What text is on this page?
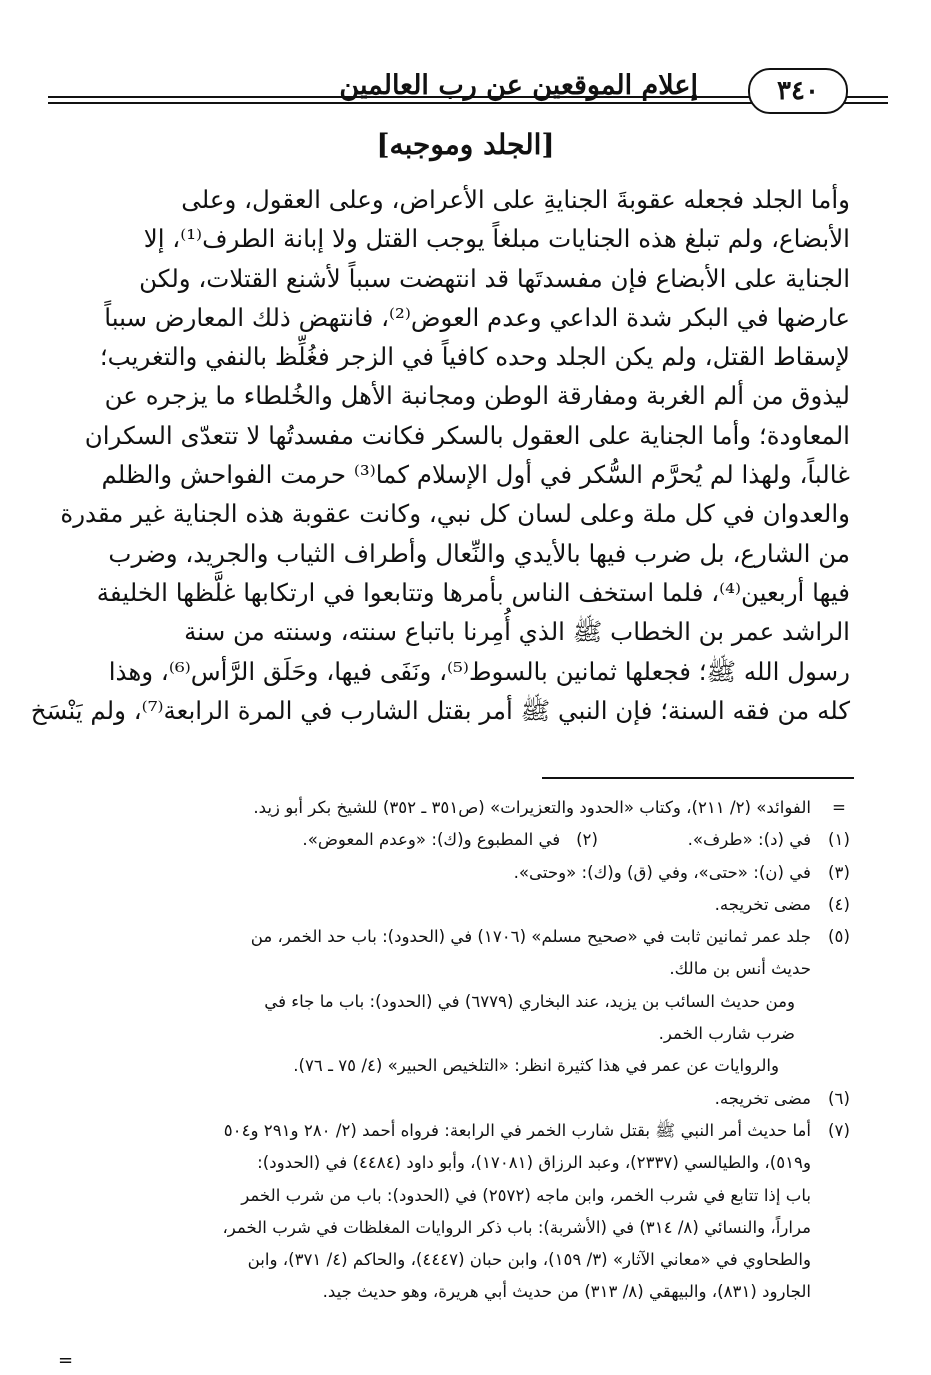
إعلام الموقعين عن رب العالمين	٣٤٠
[الجلد وموجبه]
وأما الجلد فجعله عقوبةَ الجنايةِ على الأعراض، وعلى العقول، وعلى
الأبضاع، ولم تبلغ هذه الجنايات مبلغاً يوجب القتل ولا إبانة الطرف⁽¹⁾، إلا
الجناية على الأبضاع فإن مفسدتَها قد انتهضت سبباً لأشنع القتلات، ولكن
عارضها في البكر شدة الداعي وعدم العوض⁽²⁾، فانتهض ذلك المعارض سبباً
لإسقاط القتل، ولم يكن الجلد وحده كافياً في الزجر فغُلِّظ بالنفي والتغريب؛
ليذوق من ألم الغربة ومفارقة الوطن ومجانبة الأهل والخُلطاء ما يزجره عن
المعاودة؛ وأما الجناية على العقول بالسكر فكانت مفسدتُها لا تتعدّى السكران
غالباً، ولهذا لم يُحرَّم السُّكر في أول الإسلام كما⁽³⁾ حرمت الفواحش والظلم
والعدوان في كل ملة وعلى لسان كل نبي، وكانت عقوبة هذه الجناية غير مقدرة
من الشارع، بل ضرب فيها بالأيدي والنِّعال وأطراف الثياب والجريد، وضرب
فيها أربعين⁽⁴⁾، فلما استخف الناس بأمرها وتتابعوا في ارتكابها غلَّظها الخليفة
الراشد عمر بن الخطاب ﷺ الذي أُمِرنا باتباع سنته، وسنته من سنة
رسول الله ﷺ؛ فجعلها ثمانين بالسوط⁽⁵⁾، ونَفَى فيها، وحَلَق الرَّأس⁽⁶⁾، وهذا
كله من فقه السنة؛ فإن النبي ﷺ أمر بقتل الشارب في المرة الرابعة⁽⁷⁾، ولم يَنْسَخ
=
الفوائد» (٢/ ٢١١)، وكتاب «الحدود والتعزيرات» (ص٣٥١ ـ ٣٥٢) للشيخ بكر أبو زيد.
(١)
في (د): «طرف».                 (٢)   في المطبوع و(ك): «وعدم المعوض».
(٣)
في (ن): «حتى»، وفي (ق) و(ك): «وحتى».
(٤)
مضى تخريجه.
(٥)
جلد عمر ثمانين ثابت في «صحيح مسلم» (١٧٠٦) في (الحدود): باب حد الخمر، من
حديث أنس بن مالك.
ومن حديث السائب بن يزيد، عند البخاري (٦٧٧٩) في (الحدود): باب ما جاء في
ضرب شارب الخمر.
والروايات عن عمر في هذا كثيرة انظر: «التلخيص الحبير» (٤/ ٧٥ ـ ٧٦).
(٦)
مضى تخريجه.
(٧)
أما حديث أمر النبي ﷺ بقتل شارب الخمر في الرابعة: فرواه أحمد (٢/ ٢٨٠ و٢٩١ و٥٠٤
و٥١٩)، والطيالسي (٢٣٣٧)، وعبد الرزاق (١٧٠٨١)، وأبو داود (٤٤٨٤) في (الحدود):
باب إذا تتابع في شرب الخمر، وابن ماجه (٢٥٧٢) في (الحدود): باب من شرب الخمر
مراراً، والنسائي (٨/ ٣١٤) في (الأشربة): باب ذكر الروايات المغلظات في شرب الخمر،
والطحاوي في «معاني الآثار» (٣/ ١٥٩)، وابن حبان (٤٤٤٧)، والحاكم (٤/ ٣٧١)، وابن
الجارود (٨٣١)، والبيهقي (٨/ ٣١٣) من حديث أبي هريرة، وهو حديث جيد.
=
